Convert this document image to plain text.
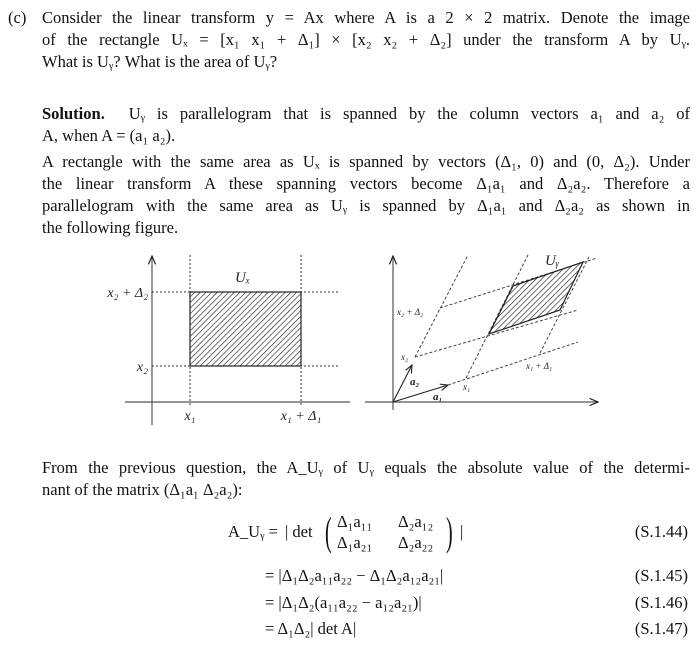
(c) Consider the linear transform y = Ax where A is a 2 × 2 matrix. Denote the image
of the rectangle Uₓ = [x₁ x₁ + Δ₁] × [x₂ x₂ + Δ₂] under the transform A by Uᵧ.
What is Uᵧ? What is the area of Uᵧ?
Solution. Uᵧ is parallelogram that is spanned by the column vectors a₁ and a₂ of
A, when A = (a₁ a₂).
A rectangle with the same area as Uₓ is spanned by vectors (Δ₁, 0) and (0, Δ₂). Under
the linear transform A these spanning vectors become Δ₁a₁ and Δ₂a₂. Therefore a
parallelogram with the same area as Uᵧ is spanned by Δ₁a₁ and Δ₂a₂ as shown in
the following figure.
Uₓ
x₂ + Δ₂
x₂
x₁	x₁ + Δ₁
Uᵧ
x₂ + Δ₂
x₂
x₁
x₁ + Δ₁
a₁
a₂
From the previous question, the A_Uᵧ of Uᵧ equals the absolute value of the determi-
nant of the matrix (Δ₁a₁ Δ₂a₂):
A_Uᵧ = | det ( Δ₁a₁₁ Δ₂a₁₂
Δ₁a₂₁ Δ₂a₂₂ ) |	(S.1.44)
= |Δ₁Δ₂a₁₁a₂₂ − Δ₁Δ₂a₁₂a₂₁|	(S.1.45)
= |Δ₁Δ₂(a₁₁a₂₂ − a₁₂a₂₁)|	(S.1.46)
= Δ₁Δ₂| det A|	(S.1.47)
